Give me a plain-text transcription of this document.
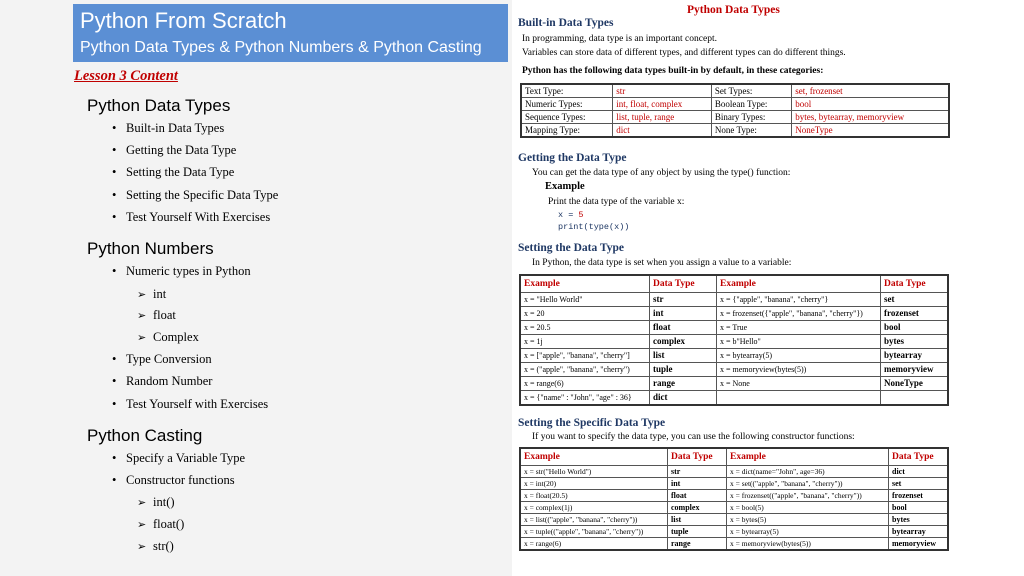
Python From Scratch
Python Data Types & Python Numbers & Python Casting
Lesson 3 Content
Python Data Types
• Built-in Data Types
• Getting the Data Type
• Setting the Data Type
• Setting the Specific Data Type
• Test Yourself With Exercises
Python Numbers
• Numeric types in Python
➢ int
➢ float
➢ Complex
• Type Conversion
• Random Number
• Test Yourself with Exercises
Python Casting
• Specify a Variable Type
• Constructor functions
➢ int()
➢ float()
➢ str()
Python Data Types
Built-in Data Types
In programming, data type is an important concept.
Variables can store data of different types, and different types can do different things.
Python has the following data types built-in by default, in these categories:
Text Type:	str	Set Types:	set, frozenset
Numeric Types:	int, float, complex	Boolean Type:	bool
Sequence Types:	list, tuple, range	Binary Types:	bytes, bytearray, memoryview
Mapping Type:	dict	None Type:	NoneType
Getting the Data Type
You can get the data type of any object by using the type() function:
Example
Print the data type of the variable x:
x = 5
print(type(x))
Setting the Data Type
In Python, the data type is set when you assign a value to a variable:
Example	Data Type	Example	Data Type
x = "Hello World"	str	x = {"apple", "banana", "cherry"}	set
x = 20	int	x = frozenset({"apple", "banana", "cherry"})	frozenset
x = 20.5	float	x = True	bool
x = 1j	complex	x = b"Hello"	bytes
x = ["apple", "banana", "cherry"]	list	x = bytearray(5)	bytearray
x = ("apple", "banana", "cherry")	tuple	x = memoryview(bytes(5))	memoryview
x = range(6)	range	x = None	NoneType
x = {"name" : "John", "age" : 36}	dict		
Setting the Specific Data Type
If you want to specify the data type, you can use the following constructor functions:
Example	Data Type	Example	Data Type
x = str("Hello World")	str	x = dict(name="John", age=36)	dict
x = int(20)	int	x = set(("apple", "banana", "cherry"))	set
x = float(20.5)	float	x = frozenset(("apple", "banana", "cherry"))	frozenset
x = complex(1j)	complex	x = bool(5)	bool
x = list(("apple", "banana", "cherry"))	list	x = bytes(5)	bytes
x = tuple(("apple", "banana", "cherry"))	tuple	x = bytearray(5)	bytearray
x = range(6)	range	x = memoryview(bytes(5))	memoryview
